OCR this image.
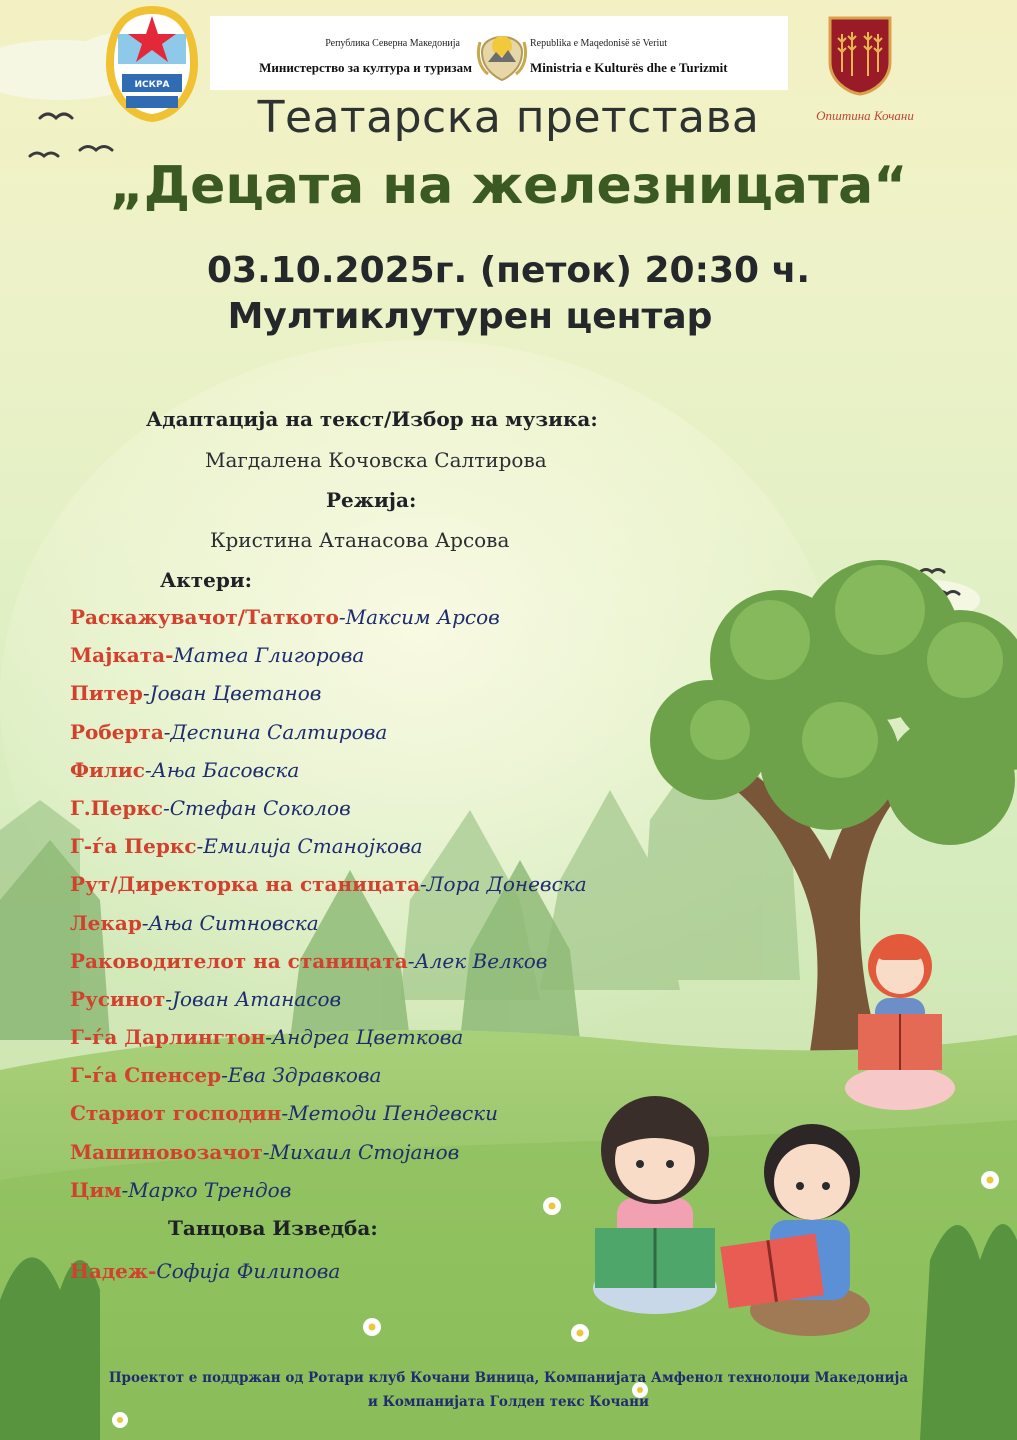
ИСКРА
Република Северна Македонија
Министерство за култура и туризам
Republika e Maqedonisë së Veriut
Ministria e Kulturës dhe e Turizmit
Општина Кочани
Театарска претстава
„Децата на железницата“
03.10.2025г. (петок) 20:30 ч.
Мултиклутурен центар
Адаптација на текст/Избор на музика:
Магдалена Кочовска Салтирова
Режија:
Кристина Атанасова Арсова
Актери:
Раскажувачот/Таткото-Максим Арсов
Мајката-Матеа Глигорова
Питер-Јован Цветанов
Роберта-Деспина Салтирова
Филис-Ања Басовска
Г.Перкс-Стефан Соколов
Г-ѓа Перкс-Емилија Станојкова
Рут/Директорка на станицата-Лора Доневска
Лекар-Ања Ситновска
Раководителот на станицата-Алек Велков
Русинот-Јован Атанасов
Г-ѓа Дарлингтон-Андреа Цветкова
Г-ѓа Спенсер-Ева Здравкова
Стариот господин-Методи Пендевски
Машиновозачот-Михаил Стојанов
Цим-Марко Трендов
Танцова Изведба:
Надеж-Софија Филипова
Проектот е поддржан од Ротари клуб Кочани Виница, Компанијата Амфенол технолоџи Македонија
и Компанијата Голден текс Кочани
